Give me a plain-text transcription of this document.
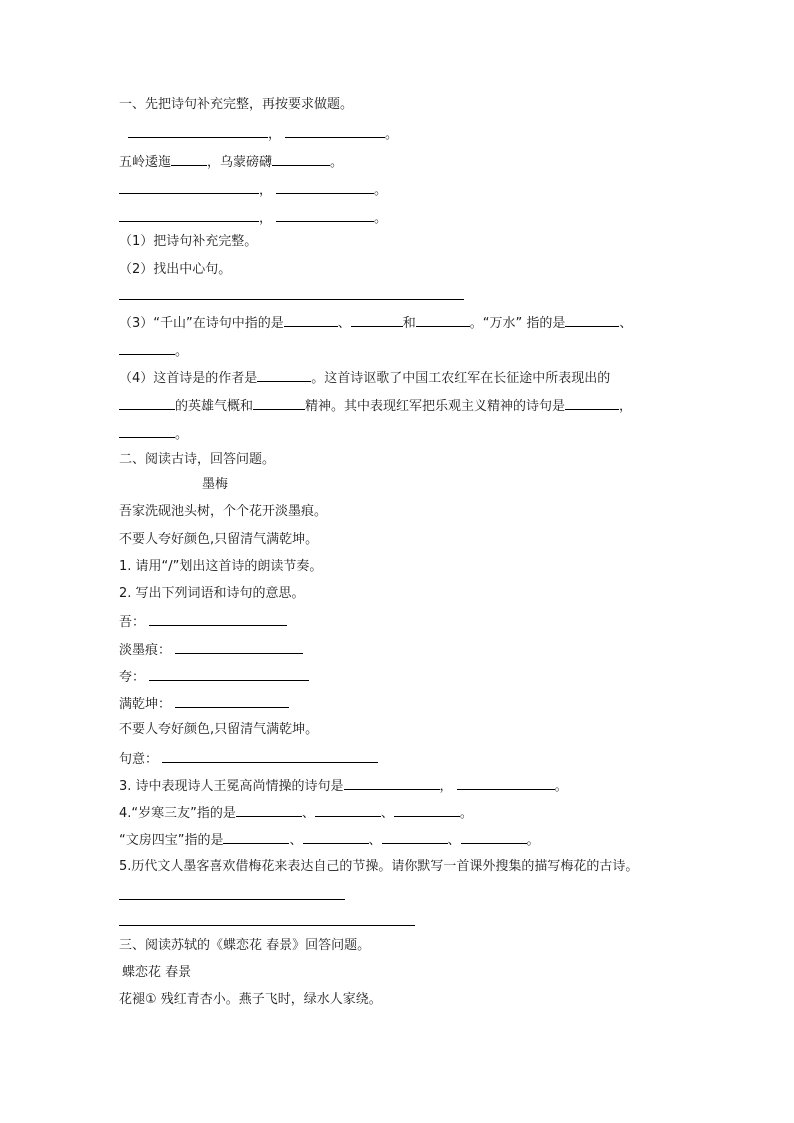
一、先把诗句补充完整，再按要求做题。
，	。
五岭逶迤	，乌蒙磅礴	。
，	。
，	。
（1）把诗句补充完整。
（2）找出中心句。
（3）“千山”在诗句中指的是	、	和	。“万水” 指的是	、
。
（4）这首诗是的作者是	。这首诗讴歌了中国工农红军在长征途中所表现出的
的英雄气概和	精神。其中表现红军把乐观主义精神的诗句是	，
。
二、阅读古诗，回答问题。
墨梅
吾家洗砚池头树，个个花开淡墨痕。
不要人夸好颜色,只留清气满乾坤。
1. 请用“/”划出这首诗的朗读节奏。
2. 写出下列词语和诗句的意思。
吾：
淡墨痕：
夸：
满乾坤：
不要人夸好颜色,只留清气满乾坤。
句意：
3. 诗中表现诗人王冕高尚情操的诗句是	，	。
4.“岁寒三友”指的是	、	、	。
“文房四宝”指的是	、	、	、	。
5.历代文人墨客喜欢借梅花来表达自己的节操。请你默写一首课外搜集的描写梅花的古诗。
三、阅读苏轼的《蝶恋花 春景》回答问题。
蝶恋花 春景
花褪① 残红青杏小。燕子飞时，绿水人家绕。
